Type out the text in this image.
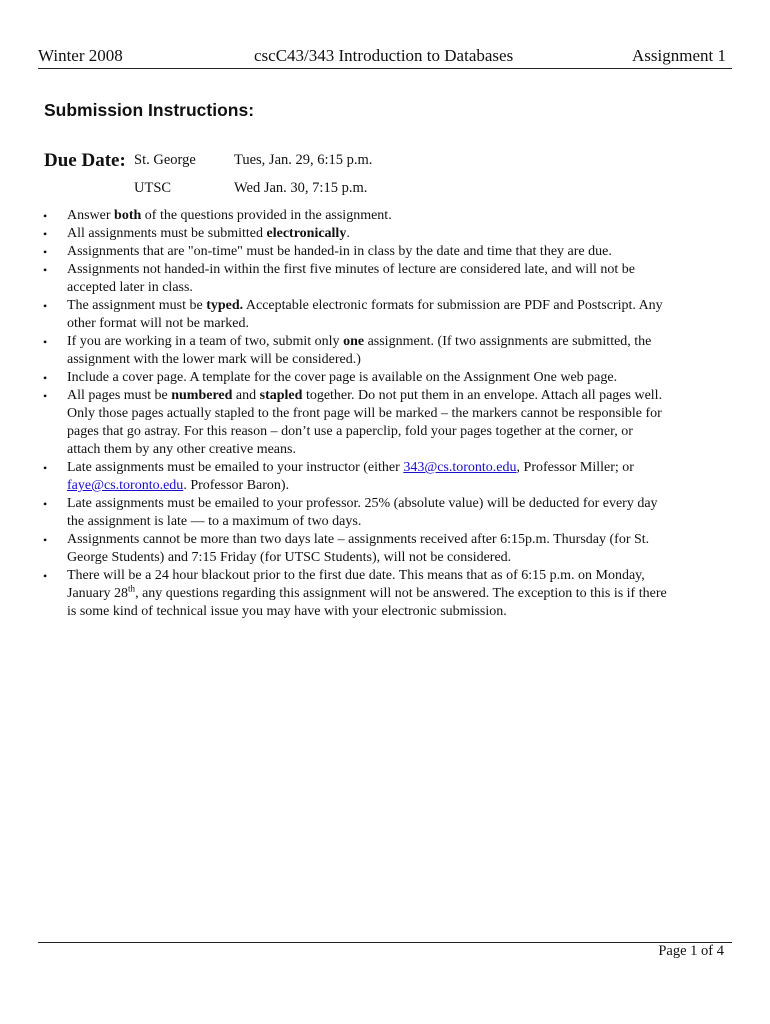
Winter 2008	cscC43/343 Introduction to Databases	Assignment 1
Submission Instructions:
Due Date: St. George	Tues, Jan. 29, 6:15 p.m.
UTSC	Wed Jan. 30, 7:15 p.m.
• Answer both of the questions provided in the assignment.
• All assignments must be submitted electronically.
• Assignments that are "on-time" must be handed-in in class by the date and time that they are due.
• Assignments not handed-in within the first five minutes of lecture are considered late, and will not be
accepted later in class.
• The assignment must be typed. Acceptable electronic formats for submission are PDF and Postscript. Any
other format will not be marked.
• If you are working in a team of two, submit only one assignment. (If two assignments are submitted, the
assignment with the lower mark will be considered.)
• Include a cover page. A template for the cover page is available on the Assignment One web page.
• All pages must be numbered and stapled together. Do not put them in an envelope. Attach all pages well.
Only those pages actually stapled to the front page will be marked – the markers cannot be responsible for
pages that go astray. For this reason – don’t use a paperclip, fold your pages together at the corner, or
attach them by any other creative means.
• Late assignments must be emailed to your instructor (either 343@cs.toronto.edu, Professor Miller; or
faye@cs.toronto.edu. Professor Baron).
• Late assignments must be emailed to your professor. 25% (absolute value) will be deducted for every day
the assignment is late — to a maximum of two days.
• Assignments cannot be more than two days late – assignments received after 6:15p.m. Thursday (for St.
George Students) and 7:15 Friday (for UTSC Students), will not be considered.
• There will be a 24 hour blackout prior to the first due date. This means that as of 6:15 p.m. on Monday,
January 28th, any questions regarding this assignment will not be answered. The exception to this is if there
is some kind of technical issue you may have with your electronic submission.
Page 1 of 4
